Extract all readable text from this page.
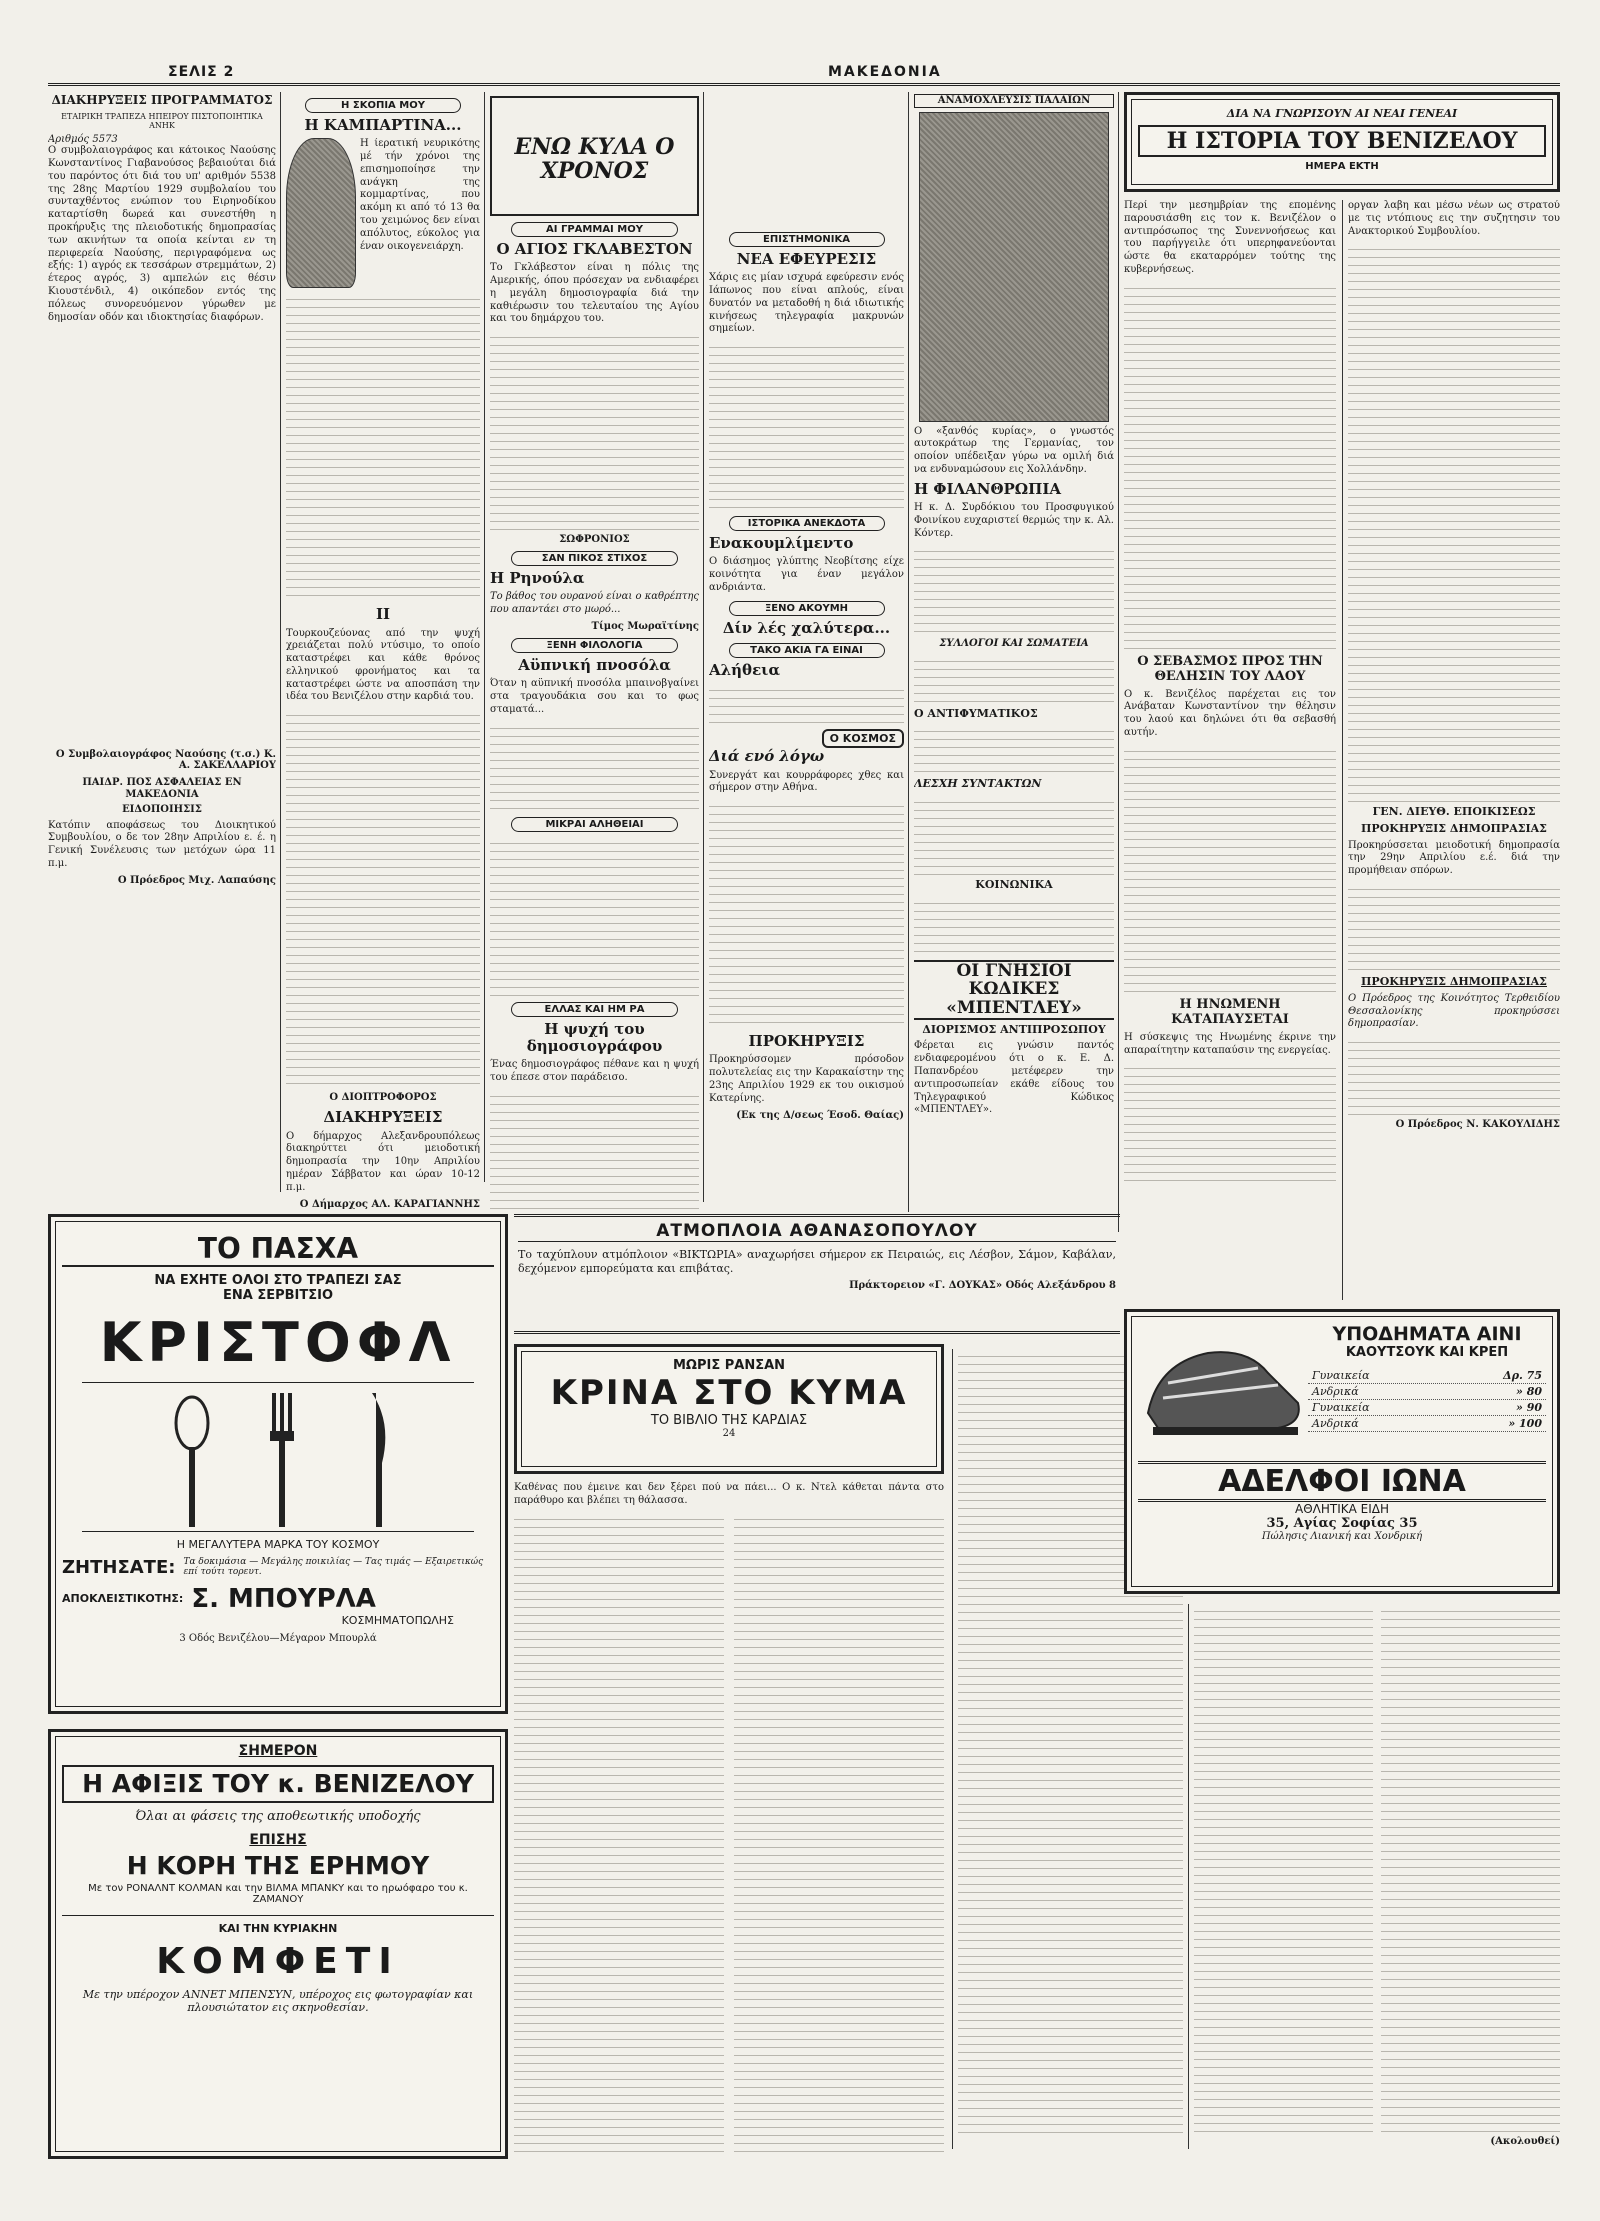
ΣΕΛΙΣ 2	ΜΑΚΕΔΟΝΙΑ
ΔΙΑΚΗΡΥΞΕΙΣ ΠΡΟΓΡΑΜΜΑΤΟΣ
ΕΤΑΙΡΙΚΗ ΤΡΑΠΕΖΑ ΗΠΕΙΡΟΥ ΠΙΣΤΟΠΟΙΗΤΙΚΑ ΑΝΗΚ
Αριθμός 5573
Ο συμβολαιογράφος και κάτοικος Ναούσης Κωνσταντίνος Γιαβανούσος βεβαιούται διά του παρόντος ότι διά του υπ' αριθμόν 5538 της 28ης Μαρτίου 1929 συμβολαίου του συνταχθέντος ενώπιον του Ειρηνοδίκου καταρτίσθη δωρεά και συνεστήθη η προκήρυξις της πλειοδοτικής δημοπρασίας των ακινήτων τα οποία κείνται εν τη περιφερεία Ναούσης, περιγραφόμενα ως εξής: 1) αγρός εκ τεσσάρων στρεμμάτων, 2) έτερος αγρός, 3) αμπελών εις θέσιν Κιουστένδιλ, 4) οικόπεδον εντός της πόλεως συνορευόμενον γύρωθεν με δημοσίαν οδόν και ιδιοκτησίας διαφόρων.
Ο Συμβολαιογράφος Ναούσης (τ.σ.) Κ. Α. ΣΑΚΕΛΛΑΡΙΟΥ
ΠΑΙΔΡ. ΠΟΣ ΑΣΦΑΛΕΙΑΣ ΕΝ ΜΑΚΕΔΟΝΙΑ
ΕΙΔΟΠΟΙΗΣΙΣ
Κατόπιν αποφάσεως του Διοικητικού Συμβουλίου, ο δε τον 28ην Απριλίου ε. έ. η Γενική Συνέλευσις των μετόχων ώρα 11 π.μ.
Ο Πρόεδρος Μιχ. Λαπαύσης
Η ΣΚΟΠΙΑ ΜΟΥ
Η ΚΑΜΠΑΡΤΙΝΑ...
Η ίερατική νευρικότης μέ τήν χρόνοι της επισημοποίησε την ανάγκη της κομμαρτίνας, που ακόμη κι από τό 13 θα του χειμώνος δεν είναι απόλυτος, εύκολος για έναν οικογενειάρχη.
II
Τουρκουζεύονας από την ψυχή χρειάζεται πολύ ντύσιμο, το οποίο καταστρέφει και κάθε θρόνος ελληνικού φρονήματος και τα καταστρέφει ώστε να αποσπάση την ιδέα του Βενιζέλου στην καρδιά του.
Ο ΔΙΟΠΤΡΟΦΟΡΟΣ
ΔΙΑΚΗΡΥΞΕΙΣ
Ο δήμαρχος Αλεξανδρουπόλεως διακηρύττει ότι μειοδοτική δημοπρασία την 10ην Απριλίου ημέραν Σάββατον και ώραν 10-12 π.μ.
Ο Δήμαρχος ΑΛ. ΚΑΡΑΓΙΑΝΝΗΣ
ΕΝΩ ΚΥΛΑ Ο ΧΡΟΝΟΣ
ΑΙ ΓΡΑΜΜΑΙ ΜΟΥ
Ο ΑΓΙΟΣ ΓΚΛΑΒΕΣΤΟΝ
Το Γκλάβεστον είναι η πόλις της Αμερικής, όπου πρόσεχαν να ενδιαφέρει η μεγάλη δημοσιογραφία διά την καθιέρωσιν του τελευταίου της Αγίου και του δημάρχου του.
ΣΩΦΡΟΝΙΟΣ
ΣΑΝ ΠΙΚΟΣ ΣΤΙΧΟΣ
Η Ρηνούλα
Το βάθος του ουρανού είναι ο καθρέπτης που απαντάει στο μωρό...
Τίμος Μωραϊτίνης
ΞΕΝΗ ΦΙΛΟΛΟΓΙΑ
Αϋπνική πνοσόλα
Όταν η αϋπνική πνοσόλα μπαινοβγαίνει στα τραγουδάκια σου και το φως σταματά...
ΜΙΚΡΑΙ ΑΛΗΘΕΙΑΙ
ΕΛΛΑΣ ΚΑΙ ΗΜ ΡΑ
Η ψυχή του δημοσιογράφου
Ένας δημοσιογράφος πέθανε και η ψυχή του έπεσε στον παράδεισο.
ΕΠΙΣΤΗΜΟΝΙΚΑ
ΝΕΑ ΕΦΕΥΡΕΣΙΣ
Χάρις εις μίαν ισχυρά εφεύρεσιν ενός Ιάπωνος που είναι απλούς, είναι δυνατόν να μεταδοθή η διά ιδιωτικής κινήσεως τηλεγραφία μακρυνών σημείων.
ΙΣΤΟΡΙΚΑ ΑΝΕΚΔΟΤΑ
Ενακουμλίμεντο
Ο διάσημος γλύπτης Νεοβίτσης είχε κοινότητα για έναν μεγάλον ανδριάντα.
ΞΕΝΟ ΑΚΟΥΜΗ
Δίν λές χαλύτερα...
ΤΑΚΟ ΑΚΙΑ ΓΑ ΕΙΝΑΙ
Αλήθεια
Ο ΚΟΣΜΟΣ
Διά ενό λόγω
Συνεργάτ και κουρράφορες χθες και σήμερον στην Αθήνα.
ΠΡΟΚΗΡΥΞΙΣ
Προκηρύσσομεν πρόσοδον πολυτελείας εις την Καρακαίστην της 23ης Απριλίου 1929 εκ του οικισμού Κατερίνης.
(Εκ της Δ/σεως Έσοδ. Θαίας)
ΑΝΑΜΟΧΛΕΥΣΙΣ ΠΑΛΑΙΩΝ
Ο «ξανθός κυρίας», ο γνωστός αυτοκράτωρ της Γερμανίας, τον οποίον υπέδειξαν γύρω να ομιλή διά να ενδυναμώσουν εις Χολλάνδην.
Η ΦΙΛΑΝΘΡΩΠΙΑ
Η κ. Δ. Συρδόκιου του Προσφυγικού Φοινίκου ευχαριστεί θερμώς την κ. Αλ. Κόντερ.
ΣΥΛΛΟΓΟΙ ΚΑΙ ΣΩΜΑΤΕΙΑ
Ο ΑΝΤΙΦΥΜΑΤΙΚΟΣ
ΛΕΣΧΗ ΣΥΝΤΑΚΤΩΝ
ΚΟΙΝΩΝΙΚΑ
ΟΙ ΓΝΗΣΙΟΙ ΚΩΔΙΚΕΣ «ΜΠΕΝΤΛΕΥ»
ΔΙΟΡΙΣΜΟΣ ΑΝΤΙΠΡΟΣΩΠΟΥ
Φέρεται εις γνώσιν παντός ενδιαφερομένου ότι ο κ. Ε. Δ. Παπανδρέου μετέφερεν την αντιπροσωπείαν εκάθε είδους του Τηλεγραφικού Κώδικος «ΜΠΕΝΤΛΕΥ».
ΔΙΑ ΝΑ ΓΝΩΡΙΣΟΥΝ ΑΙ ΝΕΑΙ ΓΕΝΕΑΙ
Η ΙΣΤΟΡΙΑ ΤΟΥ ΒΕΝΙΖΕΛΟΥ
ΗΜΕΡΑ ΕΚΤΗ
Περί την μεσημβρίαν της επομένης παρουσιάσθη εις τον κ. Βενιζέλον ο αντιπρόσωπος της Συνεννοήσεως και του παρήγγειλε ότι υπερηφανεύονται ώστε θα εκαταρρόμεν τούτης της κυβερνήσεως.
Ο ΣΕΒΑΣΜΟΣ ΠΡΟΣ ΤΗΝ ΘΕΛΗΣΙΝ ΤΟΥ ΛΑΟΥ
Ο κ. Βενιζέλος παρέχεται εις τον Ανάβαταν Κωνσταντίνον την θέλησιν του λαού και δηλώνει ότι θα σεβασθή αυτήν.
Η ΗΝΩΜΕΝΗ ΚΑΤΑΠΑΥΣΕΤΑΙ
Η σύσκεψις της Ηνωμένης έκρινε την απαραίτητην καταπαύσιν της ενεργείας.
οργαν λαβη και μέσω νέων ως στρατού με τις ντόπιους εις την συζητησιν του Ανακτορικού Συμβουλίου.
ΓΕΝ. ΔΙΕΥΘ. ΕΠΟΙΚΙΣΕΩΣ
ΠΡΟΚΗΡΥΞΙΣ ΔΗΜΟΠΡΑΣΙΑΣ
Προκηρύσσεται μειοδοτική δημοπρασία την 29ην Απριλίου ε.έ. διά την προμήθειαν σπόρων.
ΠΡΟΚΗΡΥΞΙΣ ΔΗΜΟΠΡΑΣΙΑΣ
Ο Πρόεδρος της Κοινότητος Τερθειδίου Θεσσαλονίκης προκηρύσσει δημοπρασίαν.
Ο Πρόεδρος Ν. ΚΑΚΟΥΛΙΔΗΣ
ΤΟ ΠΑΣΧΑ
ΝΑ ΕΧΗΤΕ ΟΛΟΙ ΣΤΟ ΤΡΑΠΕΖΙ ΣΑΣ
ΕΝΑ ΣΕΡΒΙΤΣΙΟ
ΚΡΙΣΤΟΦΛ
Η ΜΕΓΑΛΥΤΕΡΑ ΜΑΡΚΑ ΤΟΥ ΚΟΣΜΟΥ
ΖΗΤΗΣΑΤΕ: Τα δοκιμάσια — Μεγάλης ποικιλίας — Τας τιμάς — Εξαιρετικώς επί τούτι τορευτ.
ΑΠΟΚΛΕΙΣΤΙΚΟΤΗΣ: Σ. ΜΠΟΥΡΛΑ
ΚΟΣΜΗΜΑΤΟΠΩΛΗΣ
3 Οδός Βενιζέλου—Μέγαρον Μπουρλά
ΣΗΜΕΡΟΝ
Η ΑΦΙΞΙΣ ΤΟΥ κ. ΒΕΝΙΖΕΛΟΥ
Όλαι αι φάσεις της αποθεωτικής υποδοχής
ΕΠΙΣΗΣ
Η ΚΟΡΗ ΤΗΣ ΕΡΗΜΟΥ
Με τον ΡΟΝΑΛΝΤ ΚΟΛΜΑΝ και την ΒΙΛΜΑ ΜΠΑΝΚΥ και το ηρωόφαρο του κ. ΖΑΜΑΝΟΥ
ΚΑΙ ΤΗΝ ΚΥΡΙΑΚΗΝ
ΚΟΜΦΕΤΙ
Με την υπέροχον ΑΝΝΕΤ ΜΠΕΝΣΥΝ, υπέροχος εις φωτογραφίαν και πλουσιώτατον εις σκηνοθεσίαν.
ΑΤΜΟΠΛΟΙΑ ΑΘΑΝΑΣΟΠΟΥΛΟΥ
Το ταχύπλουν ατμόπλοιον «ΒΙΚΤΩΡΙΑ» αναχωρήσει σήμερον εκ Πειραιώς, εις Λέσβον, Σάμον, Καβάλαν, δεχόμενον εμπορεύματα και επιβάτας.
Πράκτορειον «Γ. ΔΟΥΚΑΣ» Οδός Αλεξάνδρου 8
ΜΩΡΙΣ ΡΑΝΣΑΝ
ΚΡΙΝΑ ΣΤΟ ΚΥΜΑ
ΤΟ ΒΙΒΛΙΟ ΤΗΣ ΚΑΡΔΙΑΣ
24
Καθένας που έμεινε και δεν ξέρει πού να πάει... Ο κ. Ντελ κάθεται πάντα στο παράθυρο και βλέπει τη θάλασσα.
(Ακολουθεί)
ΥΠΟΔΗΜΑΤΑ ΑΙΝΙ
ΚΑΟΥΤΣΟΥΚ ΚΑΙ ΚΡΕΠ
Γυναικεία	Δρ. 75
Ανδρικά	» 80
Γυναικεία	» 90
Ανδρικά	» 100
ΑΔΕΛΦΟΙ ΙΩΝΑ
ΑΘΛΗΤΙΚΑ ΕΙΔΗ
35, Αγίας Σοφίας 35
Πώλησις Λιανική και Χονδρική
